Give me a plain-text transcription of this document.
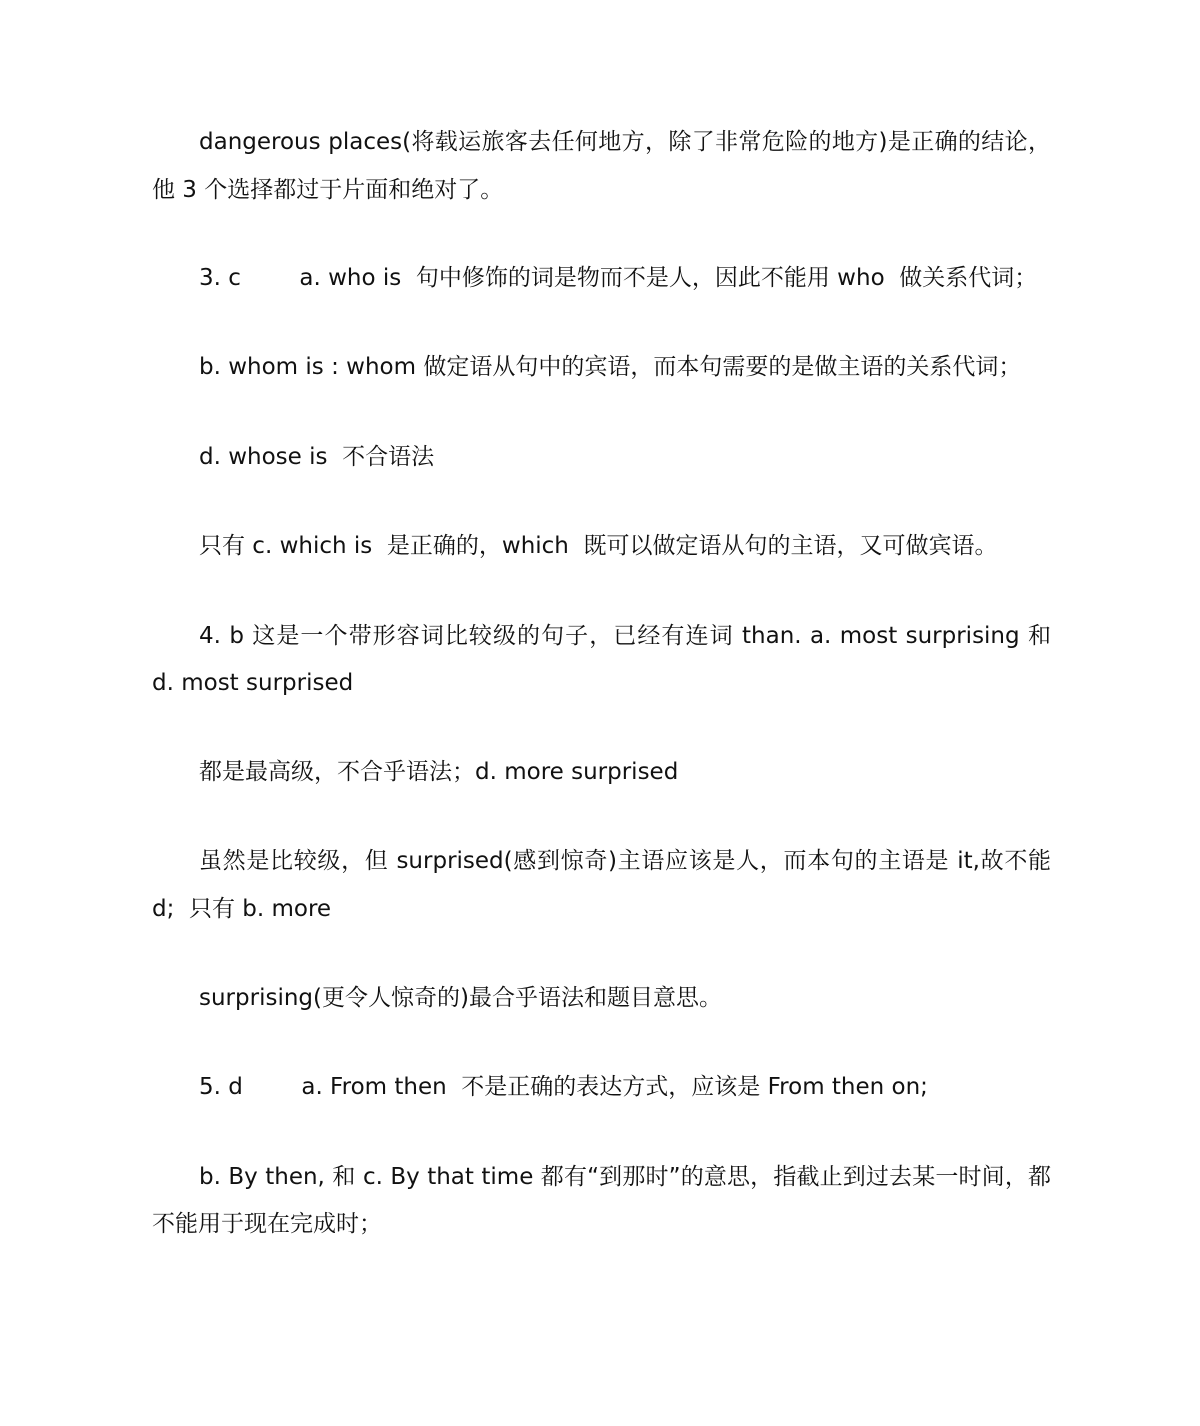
dangerous places(将载运旅客去任何地方，除了非常危险的地方)是正确的结论，
他 3 个选择都过于片面和绝对了。
3. c        a. who is  句中修饰的词是物而不是人，因此不能用 who  做关系代词；
b. whom is : whom 做定语从句中的宾语，而本句需要的是做主语的关系代词；
d. whose is  不合语法
只有 c. which is  是正确的，which  既可以做定语从句的主语，又可做宾语。
4. b 这是一个带形容词比较级的句子，已经有连词 than. a. most surprising 和
d. most surprised
都是最高级，不合乎语法；d. more surprised
虽然是比较级，但 surprised(感到惊奇)主语应该是人，而本句的主语是 it,故不能
d;  只有 b. more
surprising(更令人惊奇的)最合乎语法和题目意思。
5. d        a. From then  不是正确的表达方式，应该是 From then on;
b. By then, 和 c. By that time 都有“到那时”的意思，指截止到过去某一时间，都
不能用于现在完成时；
